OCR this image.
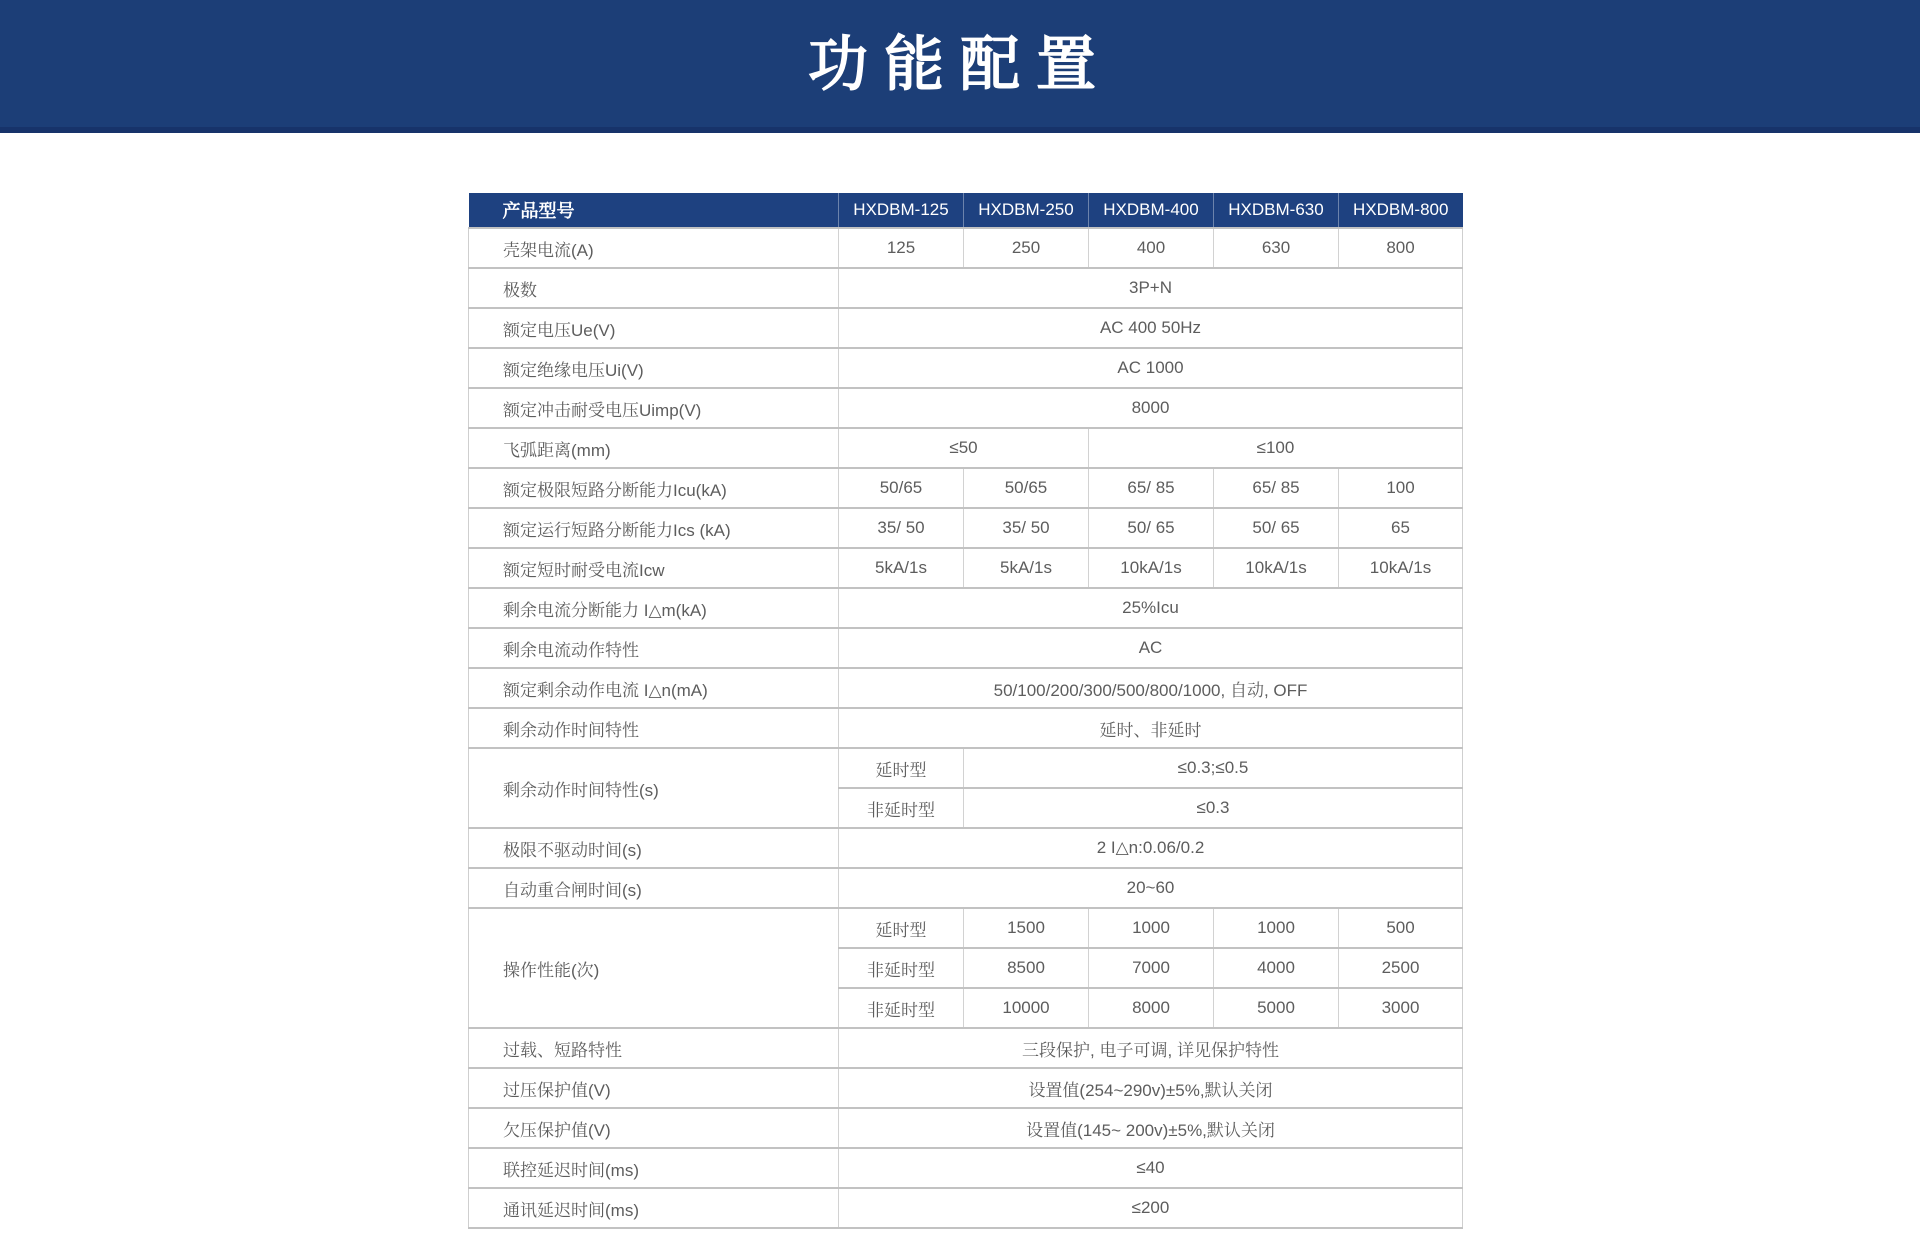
功能配置
产品型号	HXDBM-125	HXDBM-250	HXDBM-400	HXDBM-630	HXDBM-800
壳架电流(A)	125	250	400	630	800
极数	3P+N				
额定电压Ue(V)	AC 400 50Hz				
额定绝缘电压Ui(V)	AC 1000				
额定冲击耐受电压Uimp(V)	8000				
飞弧距离(mm)	≤50		≤100		
额定极限短路分断能力Icu(kA)	50/65	50/65	65/ 85	65/ 85	100
额定运行短路分断能力Ics (kA)	35/ 50	35/ 50	50/ 65	50/ 65	65
额定短时耐受电流Icw	5kA/1s	5kA/1s	10kA/1s	10kA/1s	10kA/1s
剩余电流分断能力 I△m(kA)	25%Icu				
剩余电流动作特性	AC				
额定剩余动作电流 I△n(mA)	50/100/200/300/500/800/1000, 自动, OFF				
剩余动作时间特性	延时、非延时				
剩余动作时间特性(s)	延时型	≤0.3;≤0.5			
	非延时型	≤0.3			
极限不驱动时间(s)	2 I△n:0.06/0.2				
自动重合闸时间(s)	20~60				
操作性能(次)	延时型	1500	1000	1000	500
	非延时型	8500	7000	4000	2500
	非延时型	10000	8000	5000	3000
过载、短路特性	三段保护, 电子可调, 详见保护特性				
过压保护值(V)	设置值(254~290v)±5%,默认关闭				
欠压保护值(V)	设置值(145~ 200v)±5%,默认关闭				
联控延迟时间(ms)	≤40				
通讯延迟时间(ms)	≤200				
